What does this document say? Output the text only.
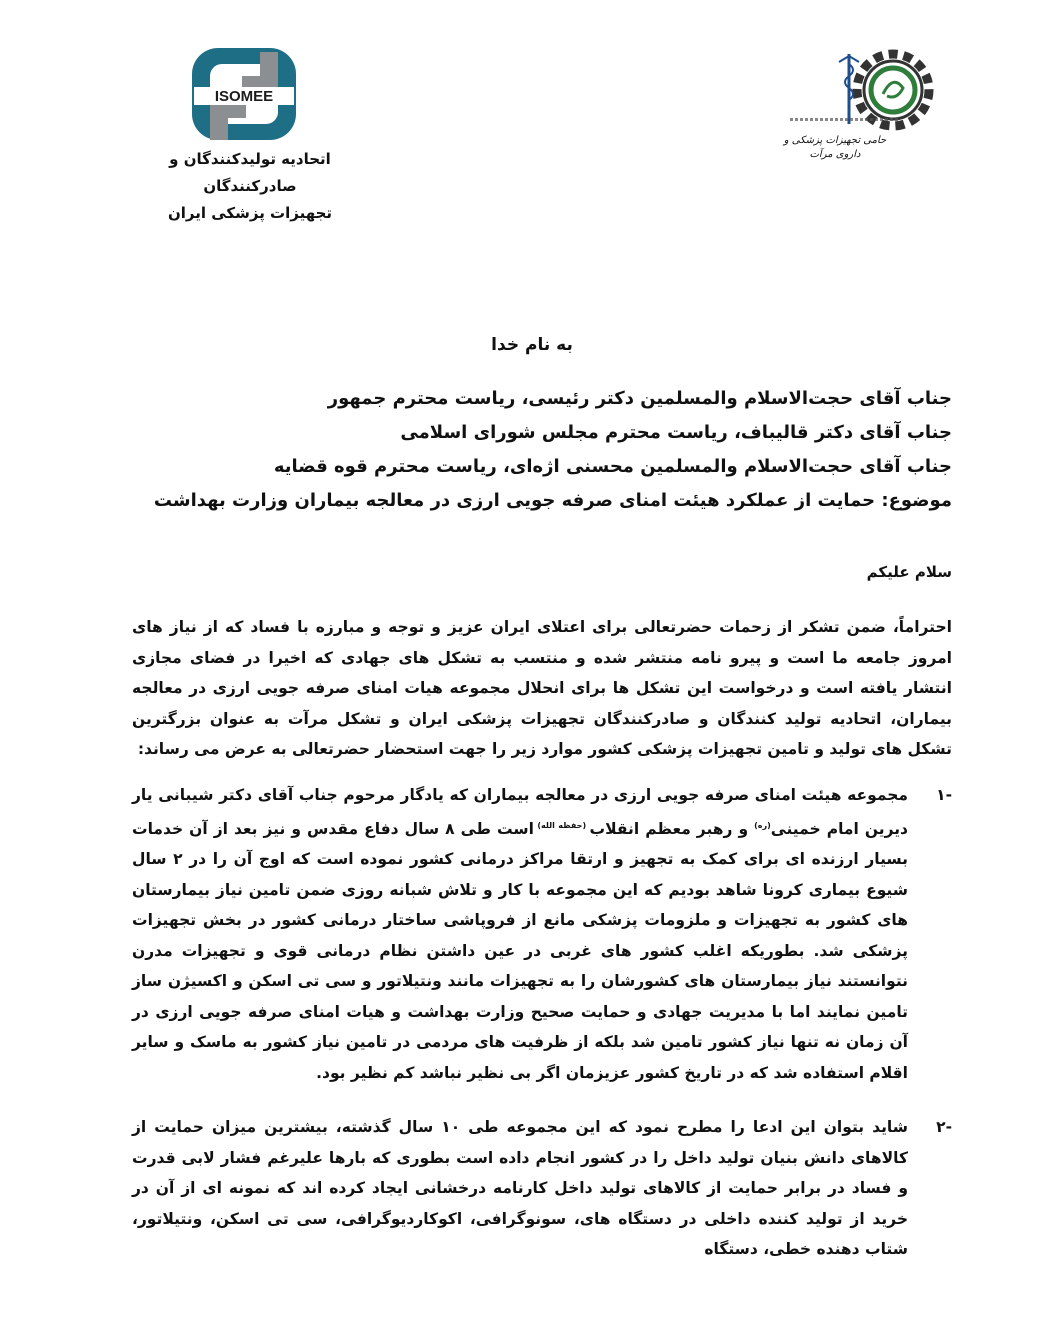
ISOMEE
اتحادیه تولیدکنندگان و صادرکنندگان
تجهیزات پزشکی ایران
حامی تجهیزات پزشکی و داروی مرآت
به نام خدا
جناب آقای حجت‌الاسلام والمسلمین دکتر رئیسی، ریاست محترم جمهور
جناب آقای دکتر قالیباف، ریاست محترم مجلس شورای اسلامی
جناب آقای حجت‌الاسلام والمسلمین محسنی اژه‌ای، ریاست محترم قوه قضایه
موضوع: حمایت از عملکرد هیئت امنای صرفه جویی ارزی در معالجه بیماران وزارت بهداشت
سلام علیکم
احتراماً، ضمن تشکر از زحمات حضرتعالی برای اعتلای ایران عزیز و توجه و مبارزه با فساد که از نیاز های امروز جامعه ما است و پیرو نامه منتشر شده و منتسب به تشکل های جهادی که اخیرا در فضای مجازی انتشار یافته است و درخواست این تشکل ها برای انحلال مجموعه هیات امنای صرفه جویی ارزی در معالجه بیماران، اتحادیه تولید کنندگان و صادرکنندگان تجهیزات پزشکی ایران و تشکل مرآت به عنوان بزرگترین تشکل های تولید و تامین تجهیزات پزشکی کشور موارد زیر را جهت استحضار حضرتعالی به عرض می رساند:
-۱
مجموعه هیئت امنای صرفه جویی ارزی در معالجه بیماران که یادگار مرحوم جناب آقای دکتر شیبانی یار دیرین امام خمینی$^{(ره)}$ و رهبر معظم انقلاب $^{(حفظه الله)}$ است طی ۸ سال دفاع مقدس و نیز بعد از آن خدمات بسیار ارزنده ای برای کمک به تجهیز و ارتقا مراکز درمانی کشور نموده است که اوج آن را در ۲ سال شیوع بیماری کرونا شاهد بودیم که این مجموعه با کار و تلاش شبانه روزی ضمن تامین نیاز بیمارستان های کشور به تجهیزات و ملزومات پزشکی مانع از فروپاشی ساختار درمانی کشور در بخش تجهیزات پزشکی شد. بطوریکه اغلب کشور های غربی در عین داشتن نظام درمانی قوی و تجهیزات مدرن نتوانستند نیاز بیمارستان های کشورشان را به تجهیزات مانند ونتیلاتور و سی تی اسکن و اکسیژن ساز تامین نمایند اما با مدیریت جهادی و حمایت صحیح وزارت بهداشت و هیات امنای صرفه جویی ارزی در آن زمان نه تنها نیاز کشور تامین شد بلکه از ظرفیت های مردمی در تامین نیاز کشور به ماسک و سایر اقلام استفاده شد که در تاریخ کشور عزیزمان اگر بی نظیر نباشد کم نظیر بود.
-۲
شاید بتوان این ادعا را مطرح نمود که این مجموعه طی ۱۰ سال گذشته، بیشترین میزان حمایت از کالاهای دانش بنیان تولید داخل را در کشور انجام داده است بطوری که بارها علیرغم فشار لابی قدرت و فساد در برابر حمایت از کالاهای تولید داخل کارنامه درخشانی ایجاد کرده اند که نمونه ای از آن در خرید از تولید کننده داخلی در دستگاه های، سونوگرافی، اکوکاردیوگرافی، سی تی اسکن، ونتیلاتور، شتاب دهنده خطی، دستگاه
